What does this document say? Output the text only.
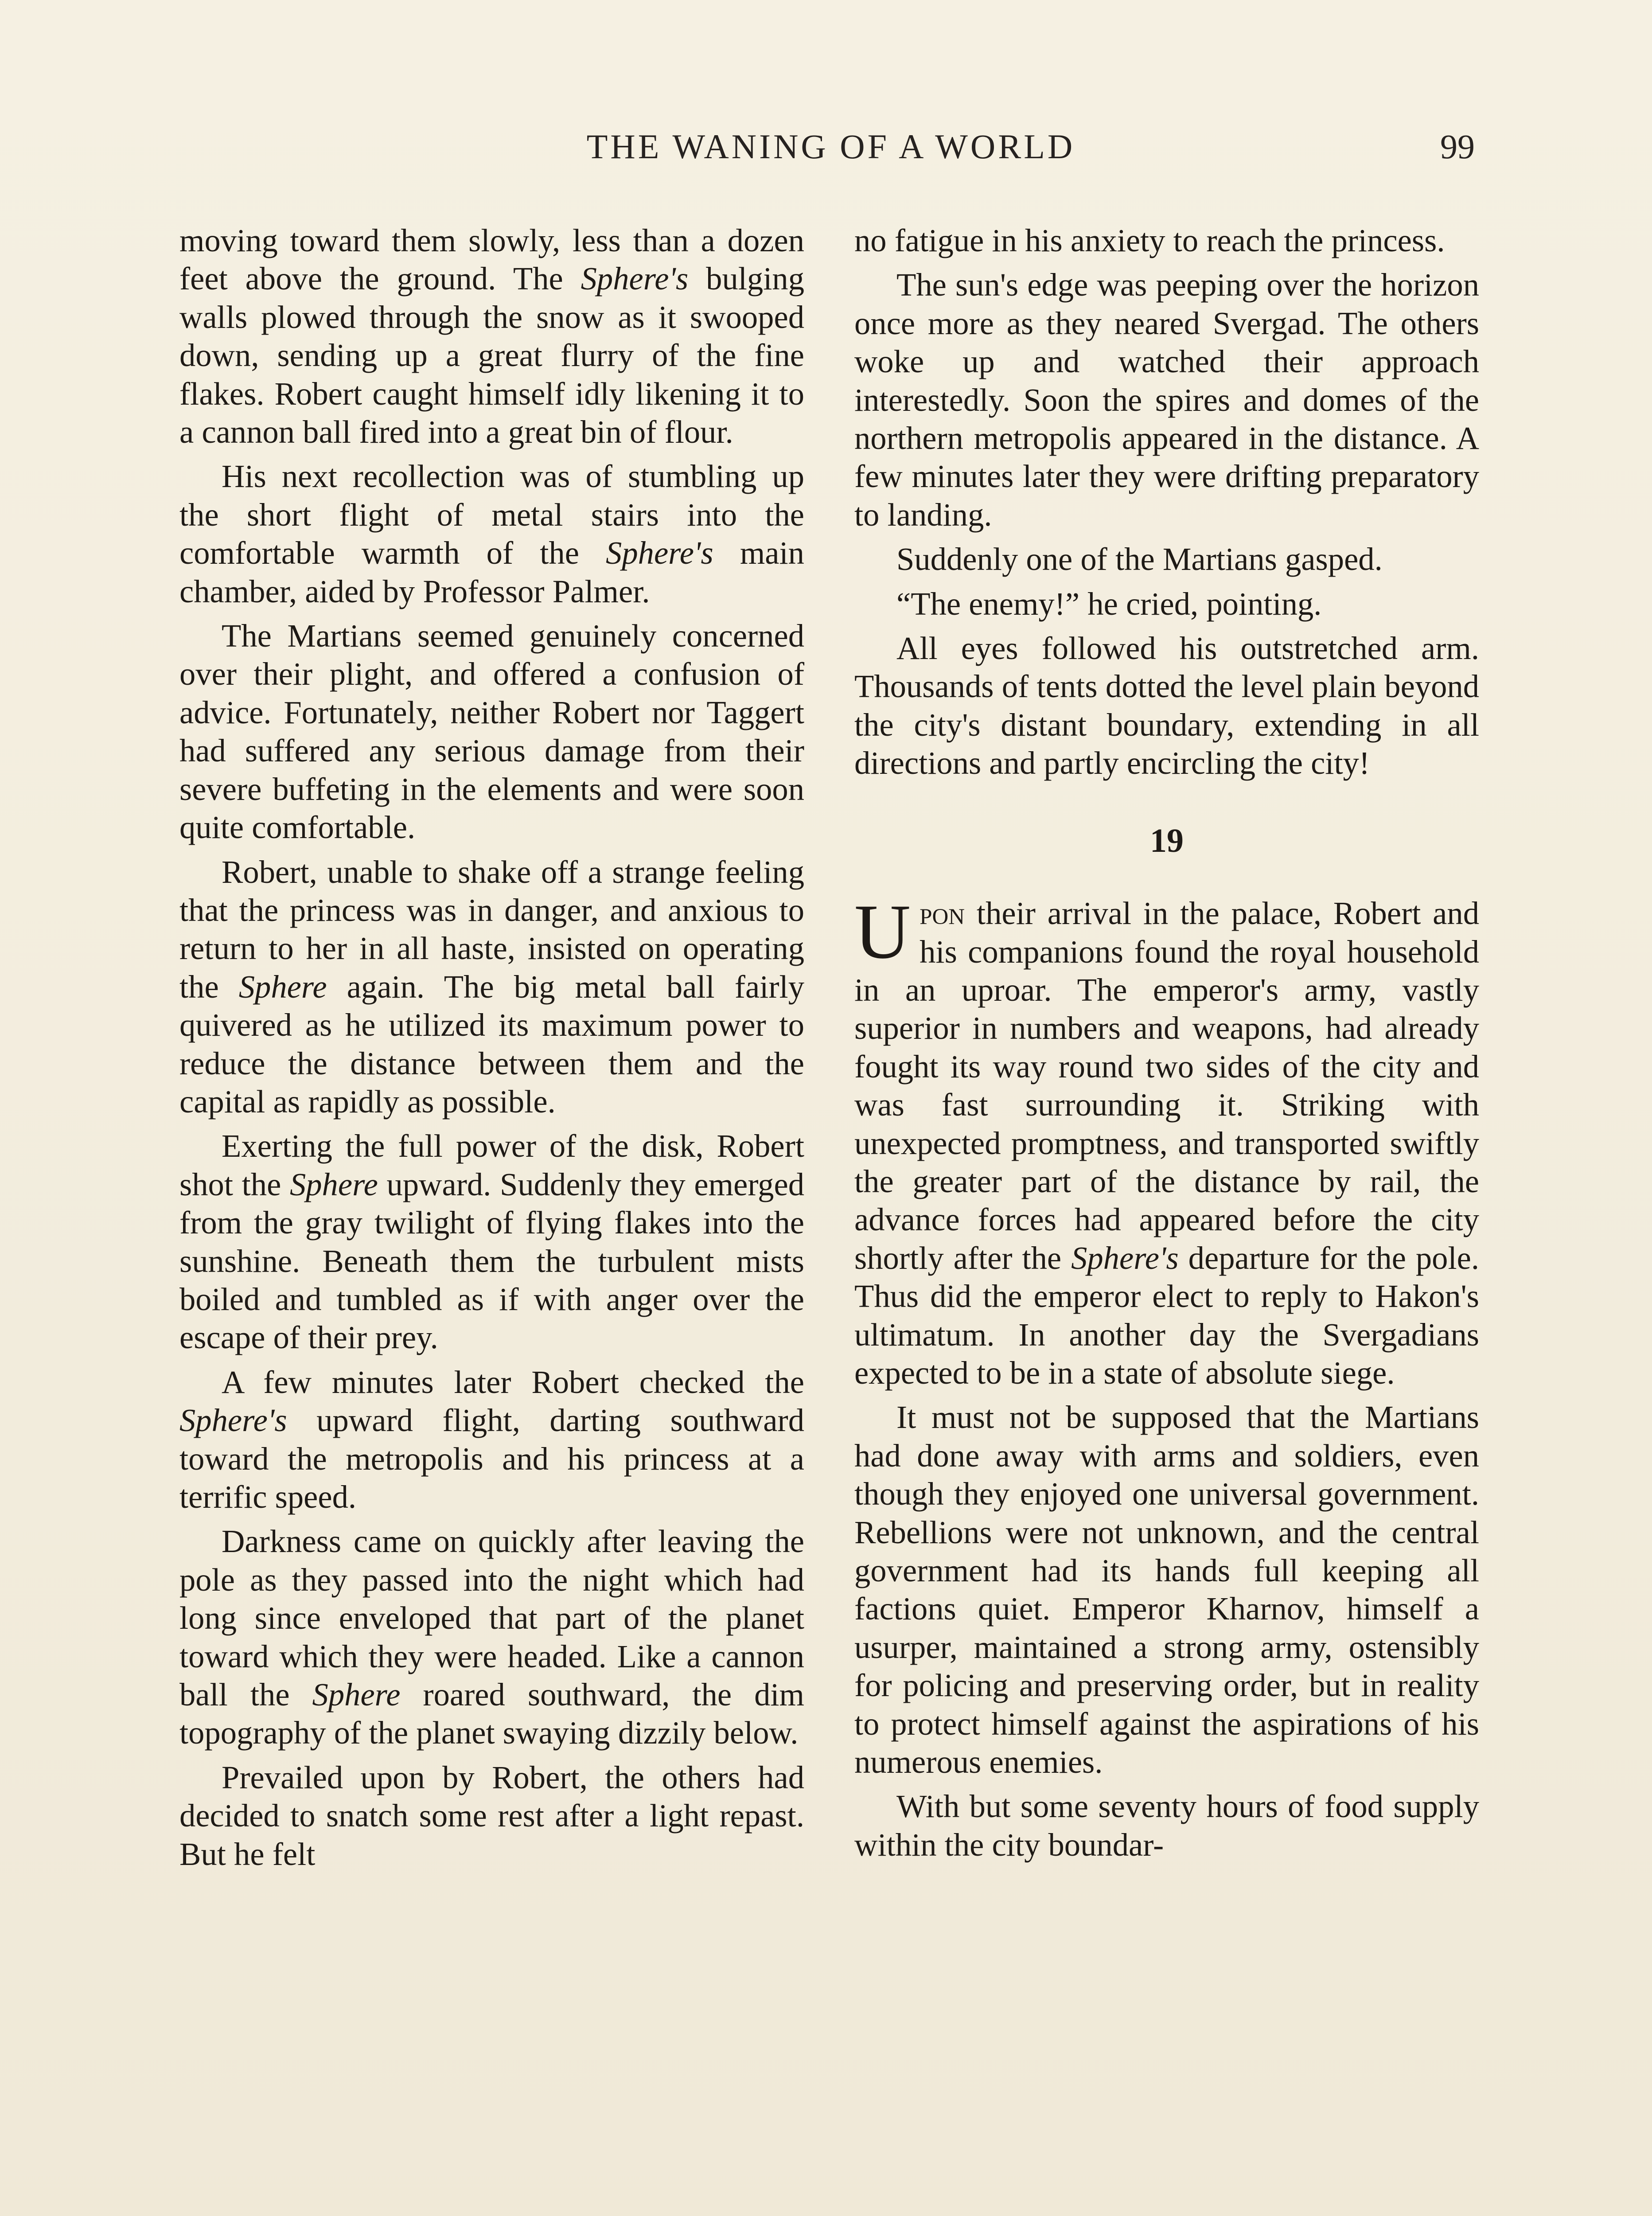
THE WANING OF A WORLD	99

moving toward them slowly, less than a dozen feet above the ground. The Sphere's bulging walls plowed through the snow as it swooped down, sending up a great flurry of the fine flakes. Robert caught himself idly likening it to a cannon ball fired into a great bin of flour.

His next recollection was of stumbling up the short flight of metal stairs into the comfortable warmth of the Sphere's main chamber, aided by Professor Palmer.

The Martians seemed genuinely concerned over their plight, and offered a confusion of advice. Fortunately, neither Robert nor Taggert had suffered any serious damage from their severe buffeting in the elements and were soon quite comfortable.

Robert, unable to shake off a strange feeling that the princess was in danger, and anxious to return to her in all haste, insisted on operating the Sphere again. The big metal ball fairly quivered as he utilized its maximum power to reduce the distance between them and the capital as rapidly as possible.

Exerting the full power of the disk, Robert shot the Sphere upward. Suddenly they emerged from the gray twilight of flying flakes into the sunshine. Beneath them the turbulent mists boiled and tumbled as if with anger over the escape of their prey.

A few minutes later Robert checked the Sphere's upward flight, darting southward toward the metropolis and his princess at a terrific speed.

Darkness came on quickly after leaving the pole as they passed into the night which had long since enveloped that part of the planet toward which they were headed. Like a cannon ball the Sphere roared southward, the dim topography of the planet swaying dizzily below.

Prevailed upon by Robert, the others had decided to snatch some rest after a light repast. But he felt

no fatigue in his anxiety to reach the princess.

The sun's edge was peeping over the horizon once more as they neared Svergad. The others woke up and watched their approach interestedly. Soon the spires and domes of the northern metropolis appeared in the distance. A few minutes later they were drifting preparatory to landing.

Suddenly one of the Martians gasped.

“The enemy!” he cried, pointing.

All eyes followed his outstretched arm. Thousands of tents dotted the level plain beyond the city's distant boundary, extending in all directions and partly encircling the city!

19

Upon their arrival in the palace, Robert and his companions found the royal household in an uproar. The emperor's army, vastly superior in numbers and weapons, had already fought its way round two sides of the city and was fast surrounding it. Striking with unexpected promptness, and transported swiftly the greater part of the distance by rail, the advance forces had appeared before the city shortly after the Sphere's departure for the pole. Thus did the emperor elect to reply to Hakon's ultimatum. In another day the Svergadians expected to be in a state of absolute siege.

It must not be supposed that the Martians had done away with arms and soldiers, even though they enjoyed one universal government. Rebellions were not unknown, and the central government had its hands full keeping all factions quiet. Emperor Kharnov, himself a usurper, maintained a strong army, ostensibly for policing and preserving order, but in reality to protect himself against the aspirations of his numerous enemies.

With but some seventy hours of food supply within the city boundar-
